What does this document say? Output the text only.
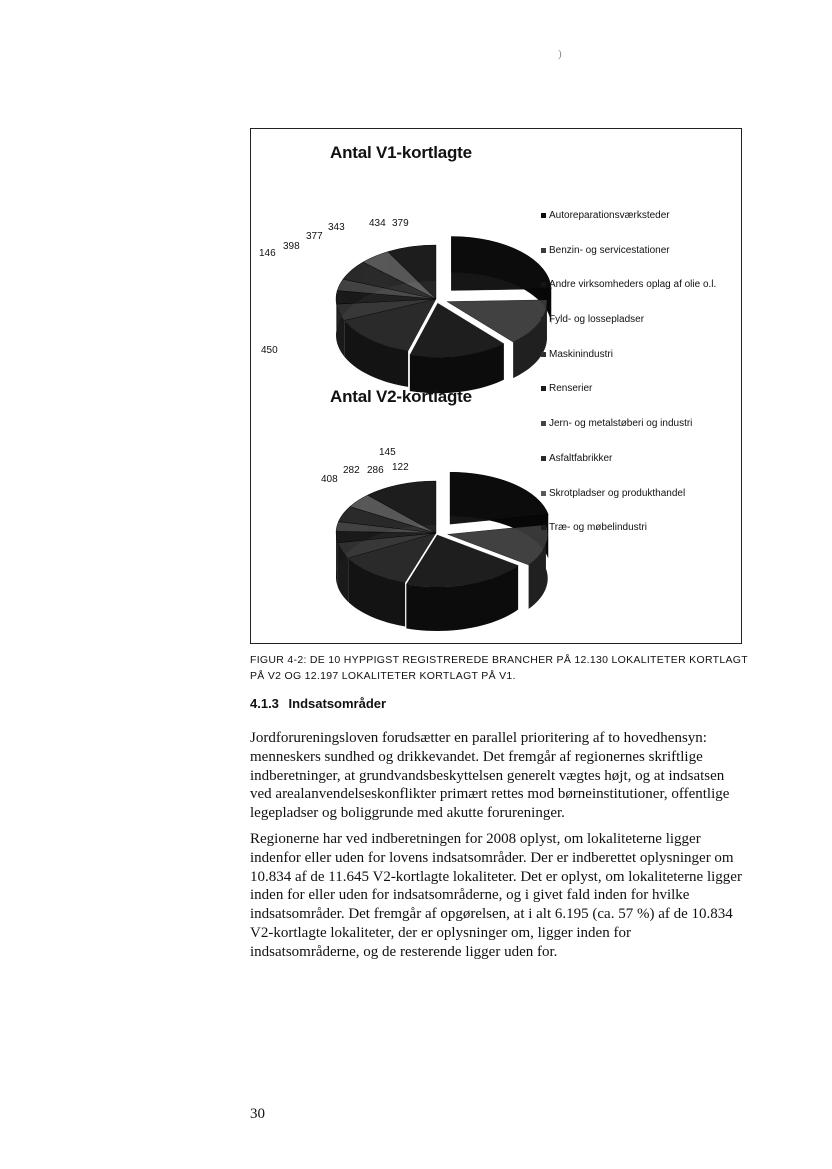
)
146
398
377
343 434 379
450
408
282 286
145
122
Antal V1-kortlagte
Antal V2-kortlagte
Autoreparationsværksteder
Benzin- og servicestationer
Andre virksomheders oplag af olie o.l.
Fyld- og lossepladser
Maskinindustri
Renserier
Jern- og metalstøberi og industri
Asfaltfabrikker
Skrotpladser og produkthandel
Træ- og møbelindustri
FIGUR 4-2: DE 10 HYPPIGST REGISTREREDE BRANCHER PÅ 12.130 LOKALITETER KORTLAGT
PÅ V2 OG 12.197 LOKALITETER KORTLAGT PÅ V1.
4.1.3 Indsatsområder

Jordforureningsloven forudsætter en parallel prioritering af to hovedhensyn: menneskers sundhed og drikkevandet. Det fremgår af regionernes skriftlige indberetninger, at grundvandsbeskyttelsen generelt vægtes højt, og at indsatsen ved arealanvendelseskonflikter primært rettes mod børneinstitutioner, offentlige legepladser og boliggrunde med akutte forureninger.

Regionerne har ved indberetningen for 2008 oplyst, om lokaliteterne ligger indenfor eller uden for lovens indsatsområder. Der er indberettet oplysninger om 10.834 af de 11.645 V2-kortlagte lokaliteter. Det er oplyst, om lokaliteterne ligger inden for eller uden for indsatsområderne, og i givet fald inden for hvilke indsatsområder. Det fremgår af opgørelsen, at i alt 6.195 (ca. 57 %) af de 10.834 V2-kortlagte lokaliteter, der er oplysninger om, ligger inden for indsatsområderne, og de resterende ligger uden for.

30
